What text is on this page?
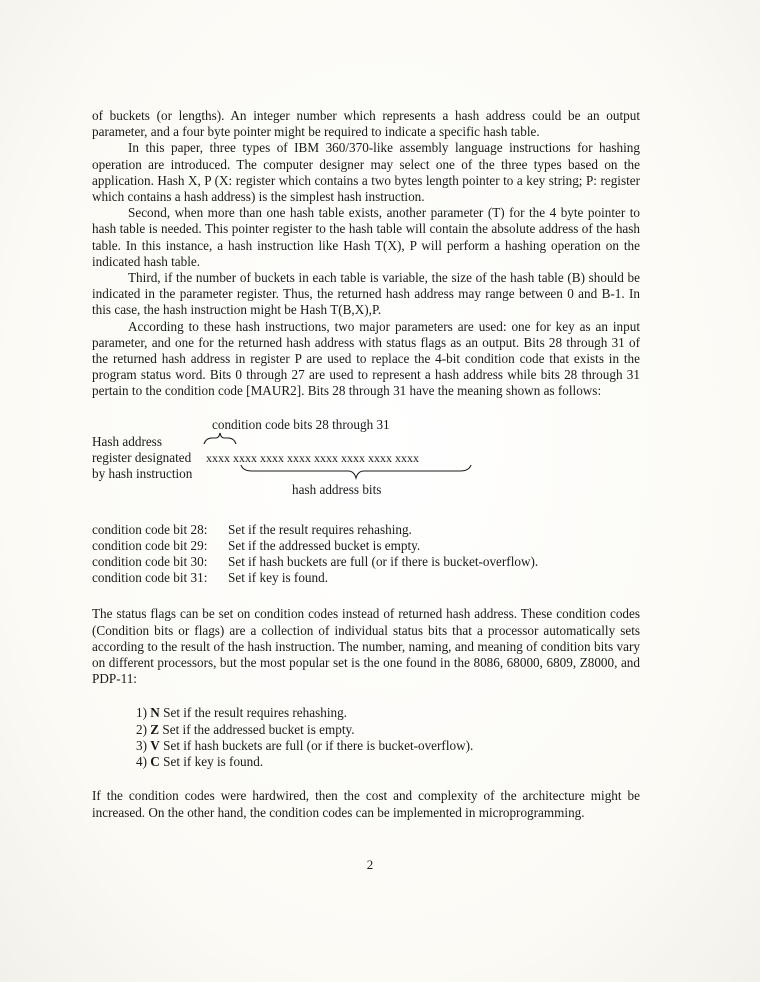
of buckets (or lengths). An integer number which represents a hash address could be an output parameter, and a four byte pointer might be required to indicate a specific hash table.

In this paper, three types of IBM 360/370-like assembly language instructions for hashing operation are introduced. The computer designer may select one of the three types based on the application. Hash X, P (X: register which contains a two bytes length pointer to a key string; P: register which contains a hash address) is the simplest hash instruction.

Second, when more than one hash table exists, another parameter (T) for the 4 byte pointer to hash table is needed. This pointer register to the hash table will contain the absolute address of the hash table. In this instance, a hash instruction like Hash T(X), P will perform a hashing operation on the indicated hash table.

Third, if the number of buckets in each table is variable, the size of the hash table (B) should be indicated in the parameter register. Thus, the returned hash address may range between 0 and B-1. In this case, the hash instruction might be Hash T(B,X),P.

According to these hash instructions, two major parameters are used: one for key as an input parameter, and one for the returned hash address with status flags as an output. Bits 28 through 31 of the returned hash address in register P are used to replace the 4-bit condition code that exists in the program status word. Bits 0 through 27 are used to represent a hash address while bits 28 through 31 pertain to the condition code [MAUR2]. Bits 28 through 31 have the meaning shown as follows:

condition code bits 28 through 31
Hash address
register designated
by hash instruction
xxxx xxxx xxxx xxxx xxxx xxxx xxxx xxxx
hash address bits
condition code bit 28:	Set if the result requires rehashing.
condition code bit 29:	Set if the addressed bucket is empty.
condition code bit 30:	Set if hash buckets are full (or if there is bucket-overflow).
condition code bit 31:	Set if key is found.

The status flags can be set on condition codes instead of returned hash address. These condition codes (Condition bits or flags) are a collection of individual status bits that a processor automatically sets according to the result of the hash instruction. The number, naming, and meaning of condition bits vary on different processors, but the most popular set is the one found in the 8086, 68000, 6809, Z8000, and PDP-11:

1) N Set if the result requires rehashing.
2) Z Set if the addressed bucket is empty.
3) V Set if hash buckets are full (or if there is bucket-overflow).
4) C Set if key is found.

If the condition codes were hardwired, then the cost and complexity of the architecture might be increased. On the other hand, the condition codes can be implemented in microprogramming.

2
